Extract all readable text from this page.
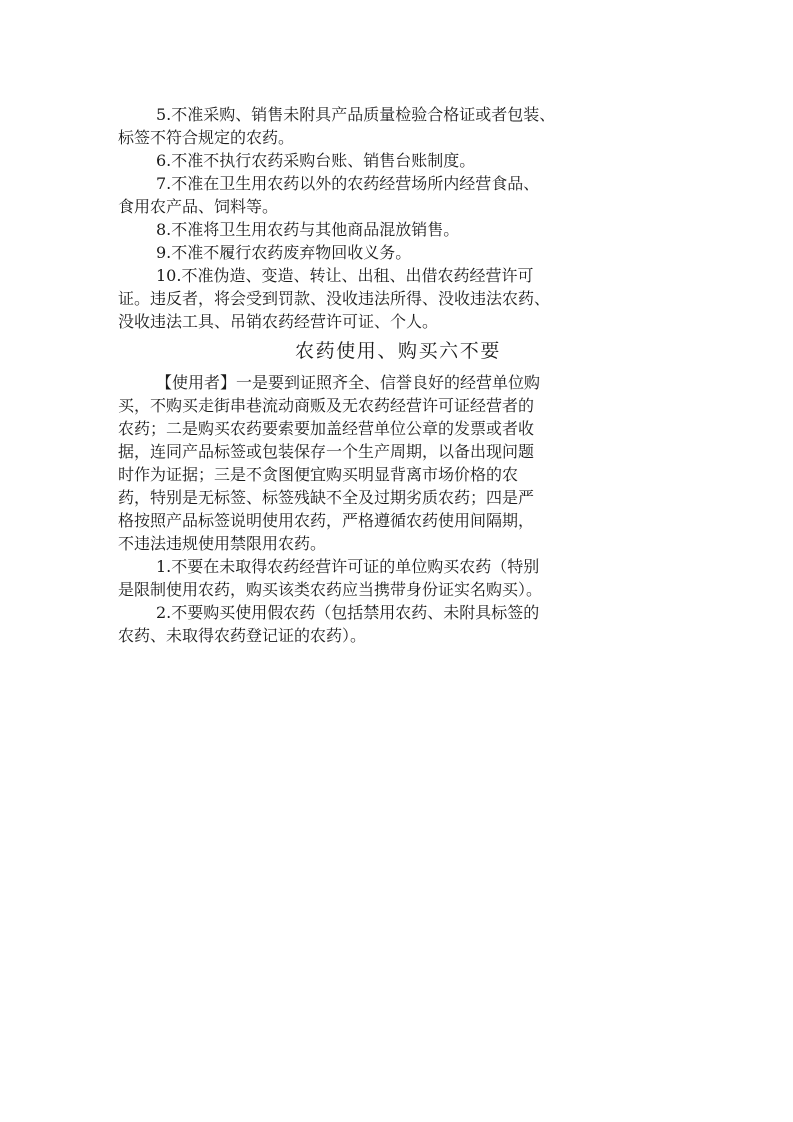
5.不准采购、销售未附具产品质量检验合格证或者包装、
标签不符合规定的农药。
6.不准不执行农药采购台账、销售台账制度。
7.不准在卫生用农药以外的农药经营场所内经营食品、
食用农产品、饲料等。
8.不准将卫生用农药与其他商品混放销售。
9.不准不履行农药废弃物回收义务。
10.不准伪造、变造、转让、出租、出借农药经营许可
证。违反者，将会受到罚款、没收违法所得、没收违法农药、
没收违法工具、吊销农药经营许可证、个人。
农药使用、购买六不要
【使用者】一是要到证照齐全、信誉良好的经营单位购
买，不购买走街串巷流动商贩及无农药经营许可证经营者的
农药；二是购买农药要索要加盖经营单位公章的发票或者收
据，连同产品标签或包装保存一个生产周期，以备出现问题
时作为证据；三是不贪图便宜购买明显背离市场价格的农
药，特别是无标签、标签残缺不全及过期劣质农药；四是严
格按照产品标签说明使用农药，严格遵循农药使用间隔期，
不违法违规使用禁限用农药。
1.不要在未取得农药经营许可证的单位购买农药（特别
是限制使用农药，购买该类农药应当携带身份证实名购买）。
2.不要购买使用假农药（包括禁用农药、未附具标签的
农药、未取得农药登记证的农药）。
